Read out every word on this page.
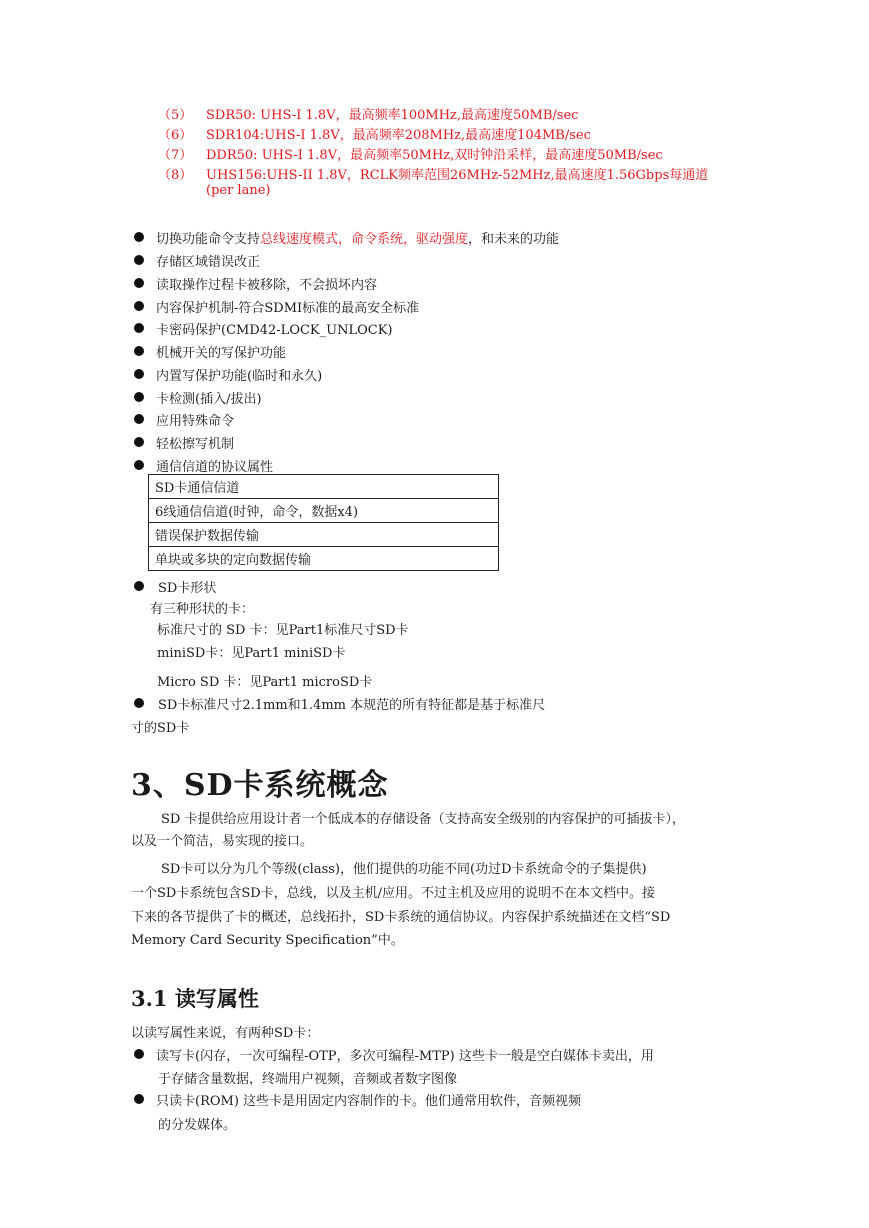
（5） SDR50: UHS-I 1.8V，最高频率100MHz,最高速度50MB/sec
（6） SDR104:UHS-I 1.8V，最高频率208MHz,最高速度104MB/sec
（7） DDR50: UHS-I 1.8V，最高频率50MHz,双时钟沿采样，最高速度50MB/sec
（8） UHS156:UHS-II 1.8V，RCLK频率范围26MHz-52MHz,最高速度1.56Gbps每通道
(per lane)
切换功能命令支持总线速度模式，命令系统，驱动强度，和未来的功能
存储区域错误改正
读取操作过程卡被移除，不会损坏内容
内容保护机制-符合SDMI标准的最高安全标准
卡密码保护(CMD42-LOCK_UNLOCK)
机械开关的写保护功能
内置写保护功能(临时和永久)
卡检测(插入/拔出)
应用特殊命令
轻松擦写机制
通信信道的协议属性
SD卡通信信道
6线通信信道(时钟，命令，数据x4)
错误保护数据传输
单块或多块的定向数据传输
SD卡形状
有三种形状的卡：
标准尺寸的 SD 卡：见Part1标准尺寸SD卡
miniSD卡：见Part1 miniSD卡
Micro SD 卡：见Part1 microSD卡
SD卡标准尺寸2.1mm和1.4mm 本规范的所有特征都是基于标准尺
寸的SD卡
3、SD卡系统概念
SD 卡提供给应用设计者一个低成本的存储设备（支持高安全级别的内容保护的可插拔卡），
以及一个简洁，易实现的接口。
SD卡可以分为几个等级(class)，他们提供的功能不同(功过D卡系统命令的子集提供)
一个SD卡系统包含SD卡，总线，以及主机/应用。不过主机及应用的说明不在本文档中。接
下来的各节提供了卡的概述，总线拓扑，SD卡系统的通信协议。内容保护系统描述在文档“SD
Memory Card Security Specification”中。
3.1 读写属性
以读写属性来说，有两种SD卡：
读写卡(闪存，一次可编程-OTP，多次可编程-MTP) 这些卡一般是空白媒体卡卖出，用
于存储含量数据，终端用户视频，音频或者数字图像
只读卡(ROM) 这些卡是用固定内容制作的卡。他们通常用软件，音频视频
的分发媒体。
